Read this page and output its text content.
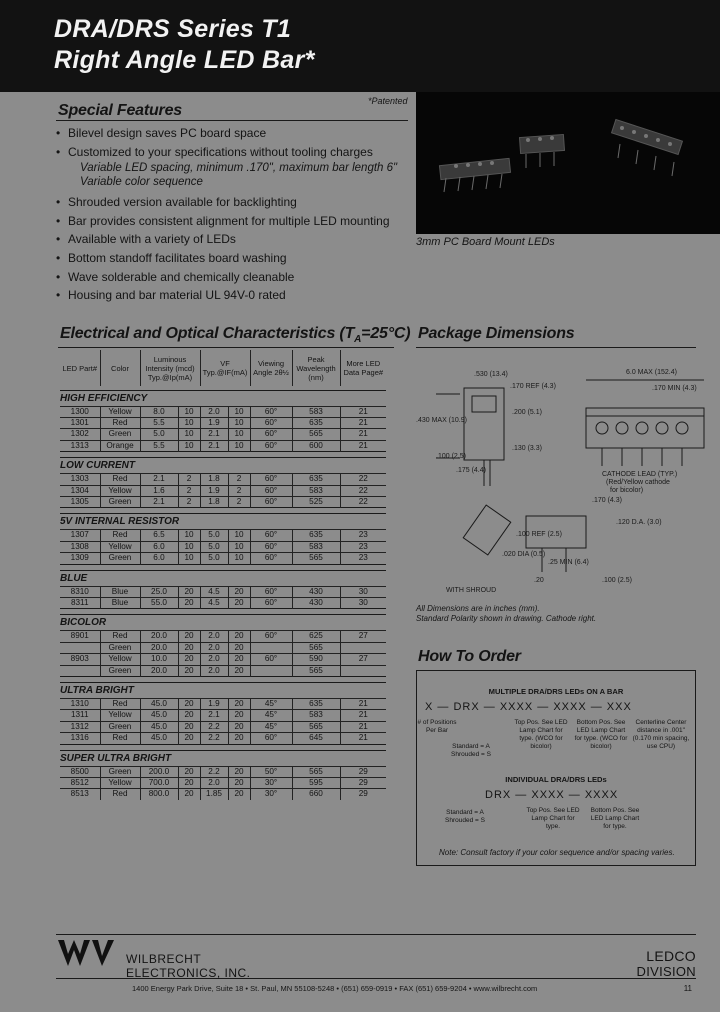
DRA/DRS Series T1
Right Angle LED Bar*
Special Features
*Patented
• Bilevel design saves PC board space
• Customized to your specifications without tooling charges
Variable LED spacing, minimum .170", maximum bar length 6"
Variable color sequence
• Shrouded version available for backlighting
• Bar provides consistent alignment for multiple LED mounting
• Available with a variety of LEDs
• Bottom standoff facilitates board washing
• Wave solderable and chemically cleanable
• Housing and bar material UL 94V-0 rated
3mm PC Board Mount LEDs
Electrical and Optical Characteristics $(T_A=25^\circ C)$
LED Part#	Color	Luminous Intensity (mcd) Typ.@Ip(mA)		VF Typ.@IF(mA)		Viewing Angle 2θ½	Peak Wavelength (nm)	More LED Data Page#

HIGH EFFICIENCY								
1300	Yellow	8.0	10	2.0	10	60°	583	21
1301	Red	5.5	10	1.9	10	60°	635	21
1302	Green	5.0	10	2.1	10	60°	565	21
1313	Orange	5.5	10	2.1	10	60°	600	21

LOW CURRENT								
1303	Red	2.1	2	1.8	2	60°	635	22
1304	Yellow	1.6	2	1.9	2	60°	583	22
1305	Green	2.1	2	1.8	2	60°	525	22

5V INTERNAL RESISTOR								
1307	Red	6.5	10	5.0	10	60°	635	23
1308	Yellow	6.0	10	5.0	10	60°	583	23
1309	Green	6.0	10	5.0	10	60°	565	23

BLUE								
8310	Blue	25.0	20	4.5	20	60°	430	30
8311	Blue	55.0	20	4.5	20	60°	430	30

BICOLOR								
8901	Red	20.0	20	2.0	20	60°	625	27
	Green	20.0	20	2.0	20		565	
8903	Yellow	10.0	20	2.0	20	60°	590	27
	Green	20.0	20	2.0	20		565	

ULTRA BRIGHT								
1310	Red	45.0	20	1.9	20	45°	635	21
1311	Yellow	45.0	20	2.1	20	45°	583	21
1312	Green	45.0	20	2.2	20	45°	565	21
1316	Red	45.0	20	2.2	20	60°	645	21

SUPER ULTRA BRIGHT								
8500	Green	200.0	20	2.2	20	50°	565	29
8512	Yellow	700.0	20	2.0	20	30°	595	29
8513	Red	800.0	20	1.85	20	30°	660	29
Package Dimensions
.530 (13.4)
.170 REF (4.3)
.430 MAX (10.9)
.200 (5.1)
.130 (3.3)
.100 (2.5)
.175 (4.4)
6.0 MAX (152.4)
.170 MIN (4.3)
CATHODE LEAD (TYP.)
(Red/Yellow cathode
for bicolor)
.170 (4.3)
.100 REF (2.5)
.120 D.A. (3.0)
.020 DIA (0.5)
.25 MIN (6.4)
.100 (2.5)
WITH SHROUD
.20
All Dimensions are in inches (mm).
Standard Polarity shown in drawing. Cathode right.
How To Order
MULTIPLE DRA/DRS LEDs ON A BAR
X — DRX — XXXX — XXXX — XXX
# of Positions Per Bar
Standard = A
Shrouded = S
Top Pos. See LED Lamp Chart for type. (WCO for bicolor)
Bottom Pos. See LED Lamp Chart for type. (WCO for bicolor)
Centerline Center distance in .001" (0.170 min spacing, use CPU)
INDIVIDUAL DRA/DRS LEDs
DRX — XXXX — XXXX
Standard = A
Shrouded = S
Top Pos. See LED Lamp Chart for type.
Bottom Pos. See LED Lamp Chart for type.
Note: Consult factory if your color sequence and/or spacing varies.
WILBRECHT
ELECTRONICS, INC.
LEDCO
DIVISION
1400 Energy Park Drive, Suite 18 • St. Paul, MN 55108-5248 • (651) 659-0919 • FAX (651) 659-9204 • www.wilbrecht.com	11
